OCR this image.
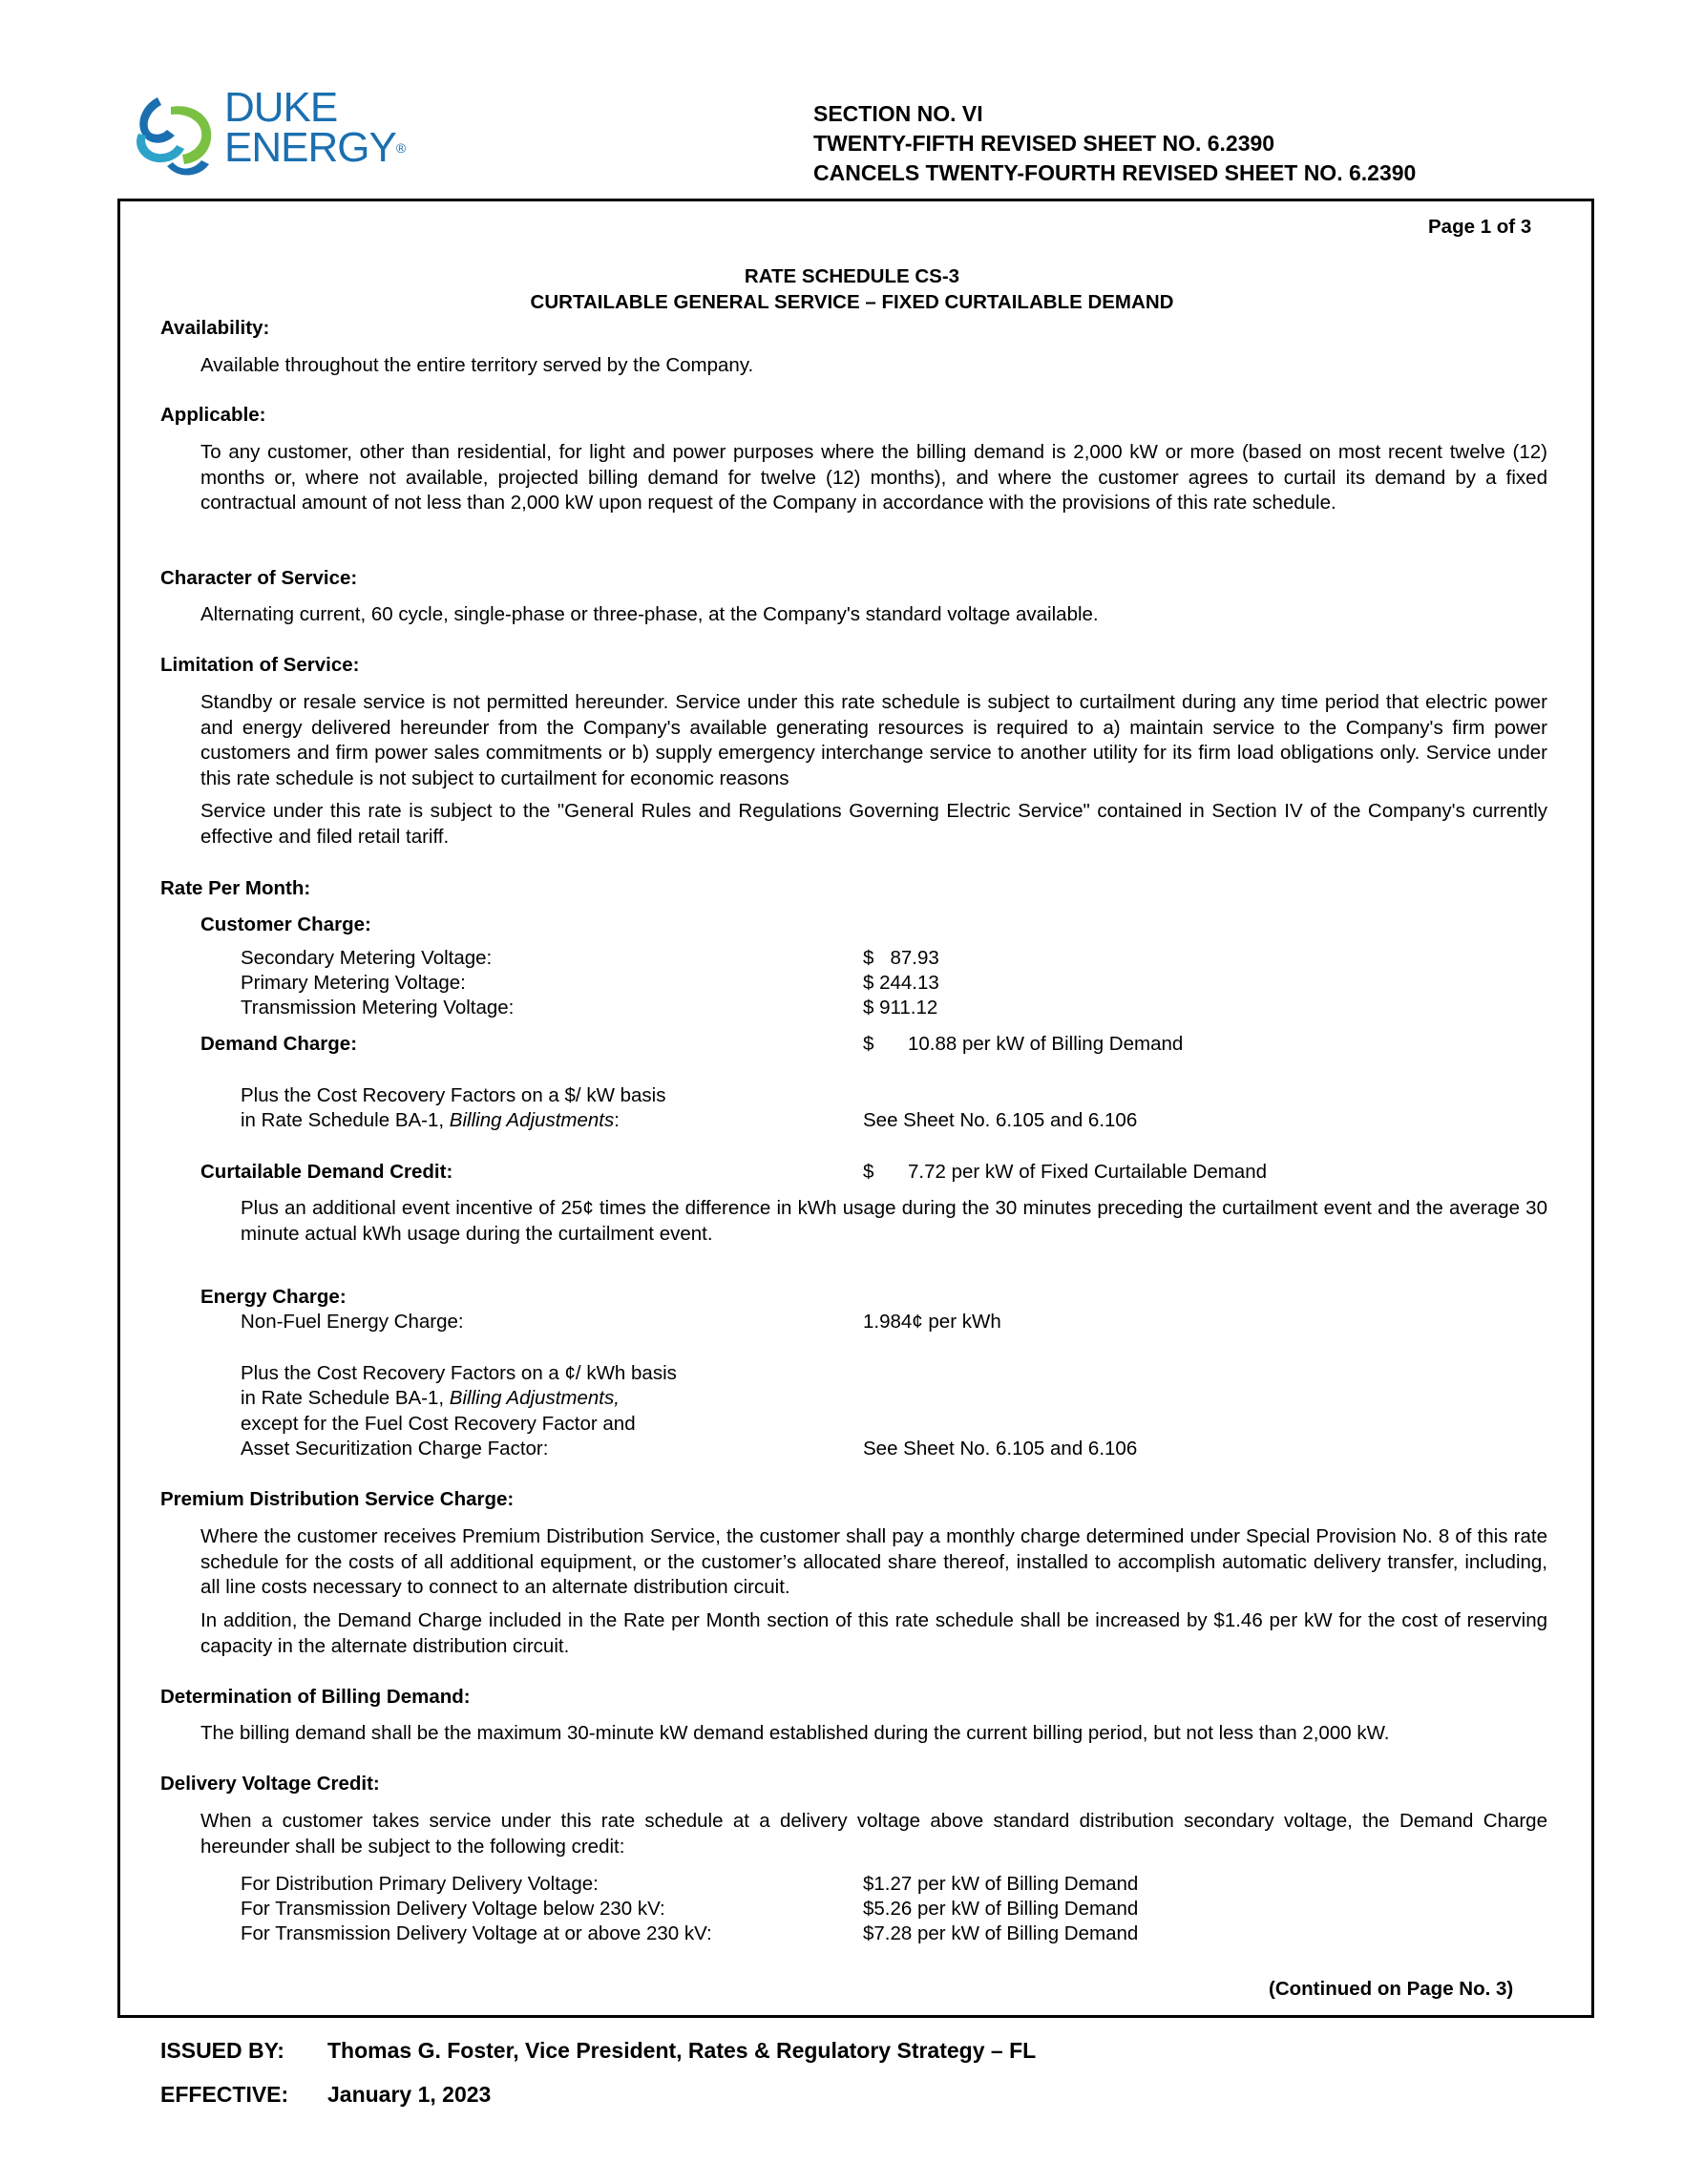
DUKE
ENERGY®
SECTION NO. VI
TWENTY-FIFTH REVISED SHEET NO. 6.2390
CANCELS TWENTY-FOURTH REVISED SHEET NO. 6.2390
Page 1 of 3
RATE SCHEDULE CS-3
CURTAILABLE GENERAL SERVICE – FIXED CURTAILABLE DEMAND
Availability:
Available throughout the entire territory served by the Company.
Applicable:
To any customer, other than residential, for light and power purposes where the billing demand is 2,000 kW or more (based on most recent twelve (12) months or, where not available, projected billing demand for twelve (12) months), and where the customer agrees to curtail its demand by a fixed contractual amount of not less than 2,000 kW upon request of the Company in accordance with the provisions of this rate schedule.
Character of Service:
Alternating current, 60 cycle, single-phase or three-phase, at the Company's standard voltage available.
Limitation of Service:
Standby or resale service is not permitted hereunder. Service under this rate schedule is subject to curtailment during any time period that electric power and energy delivered hereunder from the Company's available generating resources is required to a) maintain service to the Company's firm power customers and firm power sales commitments or b) supply emergency interchange service to another utility for its firm load obligations only. Service under this rate schedule is not subject to curtailment for economic reasons
Service under this rate is subject to the "General Rules and Regulations Governing Electric Service" contained in Section IV of the Company's currently effective and filed retail tariff.
Rate Per Month:
Customer Charge:
Secondary Metering Voltage:	$   87.93
Primary Metering Voltage:	$ 244.13
Transmission Metering Voltage:	$ 911.12
Demand Charge:	$ 10.88 per kW of Billing Demand
Plus the Cost Recovery Factors on a $/ kW basis
in Rate Schedule BA-1, Billing Adjustments:	See Sheet No. 6.105 and 6.106
Curtailable Demand Credit:	$ 7.72 per kW of Fixed Curtailable Demand
Plus an additional event incentive of 25¢ times the difference in kWh usage during the 30 minutes preceding the curtailment event and the average 30 minute actual kWh usage during the curtailment event.
Energy Charge:
Non-Fuel Energy Charge:	1.984¢ per kWh
Plus the Cost Recovery Factors on a ¢/ kWh basis
in Rate Schedule BA-1, Billing Adjustments,
except for the Fuel Cost Recovery Factor and
Asset Securitization Charge Factor:	See Sheet No. 6.105 and 6.106
Premium Distribution Service Charge:
Where the customer receives Premium Distribution Service, the customer shall pay a monthly charge determined under Special Provision No. 8 of this rate schedule for the costs of all additional equipment, or the customer’s allocated share thereof, installed to accomplish automatic delivery transfer, including, all line costs necessary to connect to an alternate distribution circuit.
In addition, the Demand Charge included in the Rate per Month section of this rate schedule shall be increased by $1.46 per kW for the cost of reserving capacity in the alternate distribution circuit.
Determination of Billing Demand:
The billing demand shall be the maximum 30-minute kW demand established during the current billing period, but not less than 2,000 kW.
Delivery Voltage Credit:
When a customer takes service under this rate schedule at a delivery voltage above standard distribution secondary voltage, the Demand Charge hereunder shall be subject to the following credit:
For Distribution Primary Delivery Voltage:	$1.27 per kW of Billing Demand
For Transmission Delivery Voltage below 230 kV:	$5.26 per kW of Billing Demand
For Transmission Delivery Voltage at or above 230 kV:	$7.28 per kW of Billing Demand
(Continued on Page No. 3)
ISSUED BY: Thomas G. Foster, Vice President, Rates & Regulatory Strategy – FL
EFFECTIVE: January 1, 2023
